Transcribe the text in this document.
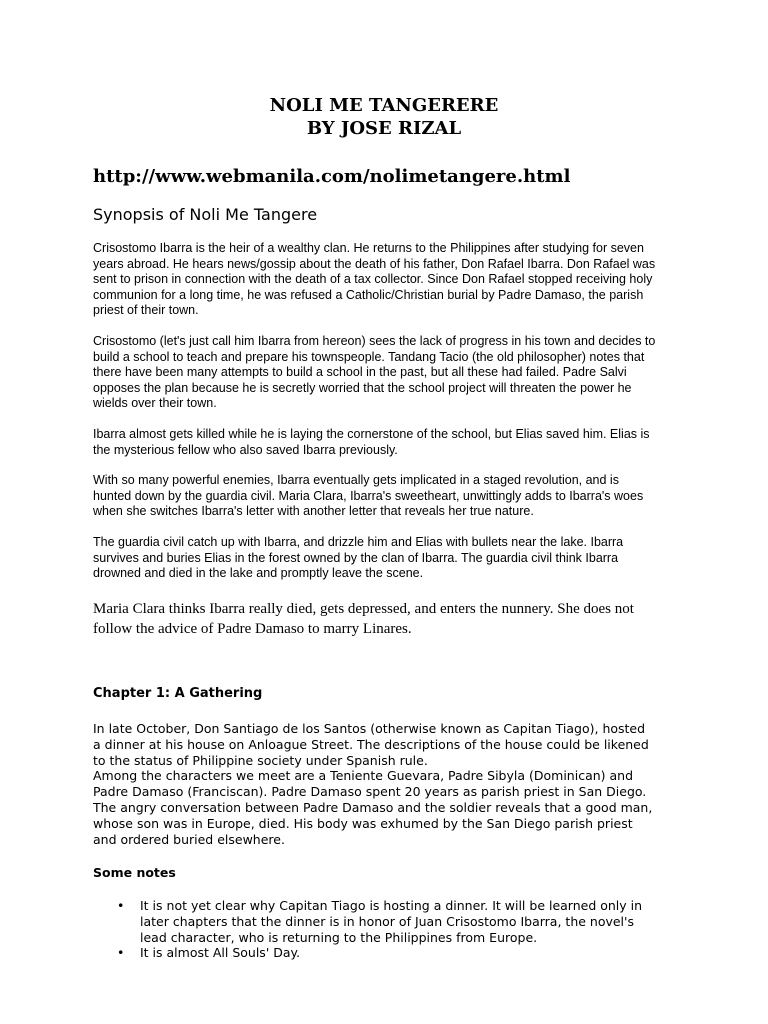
NOLI ME TANGERERE
BY JOSE RIZAL
http://www.webmanila.com/nolimetangere.html
Synopsis of Noli Me Tangere
Crisostomo Ibarra is the heir of a wealthy clan. He returns to the Philippines after studying for seven
years abroad. He hears news/gossip about the death of his father, Don Rafael Ibarra. Don Rafael was
sent to prison in connection with the death of a tax collector. Since Don Rafael stopped receiving holy
communion for a long time, he was refused a Catholic/Christian burial by Padre Damaso, the parish
priest of their town.
Crisostomo (let's just call him Ibarra from hereon) sees the lack of progress in his town and decides to
build a school to teach and prepare his townspeople. Tandang Tacio (the old philosopher) notes that
there have been many attempts to build a school in the past, but all these had failed. Padre Salvi
opposes the plan because he is secretly worried that the school project will threaten the power he
wields over their town.
Ibarra almost gets killed while he is laying the cornerstone of the school, but Elias saved him. Elias is
the mysterious fellow who also saved Ibarra previously.
With so many powerful enemies, Ibarra eventually gets implicated in a staged revolution, and is
hunted down by the guardia civil. Maria Clara, Ibarra's sweetheart, unwittingly adds to Ibarra's woes
when she switches Ibarra's letter with another letter that reveals her true nature.
The guardia civil catch up with Ibarra, and drizzle him and Elias with bullets near the lake. Ibarra
survives and buries Elias in the forest owned by the clan of Ibarra. The guardia civil think Ibarra
drowned and died in the lake and promptly leave the scene.
Maria Clara thinks Ibarra really died, gets depressed, and enters the nunnery. She does not
follow the advice of Padre Damaso to marry Linares.
Chapter 1: A Gathering
In late October, Don Santiago de los Santos (otherwise known as Capitan Tiago), hosted
a dinner at his house on Anloague Street. The descriptions of the house could be likened
to the status of Philippine society under Spanish rule.
Among the characters we meet are a Teniente Guevara, Padre Sibyla (Dominican) and
Padre Damaso (Franciscan). Padre Damaso spent 20 years as parish priest in San Diego.
The angry conversation between Padre Damaso and the soldier reveals that a good man,
whose son was in Europe, died. His body was exhumed by the San Diego parish priest
and ordered buried elsewhere.
Some notes
• It is not yet clear why Capitan Tiago is hosting a dinner. It will be learned only in
later chapters that the dinner is in honor of Juan Crisostomo Ibarra, the novel's
lead character, who is returning to the Philippines from Europe.
• It is almost All Souls' Day.
